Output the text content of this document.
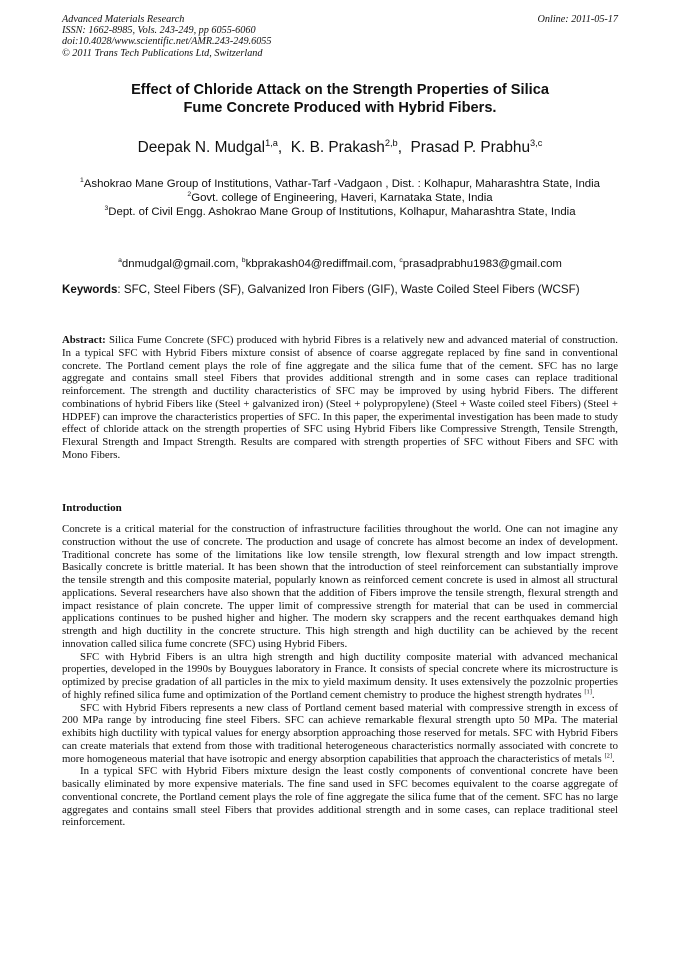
Advanced Materials Research
ISSN: 1662-8985, Vols. 243-249, pp 6055-6060
doi:10.4028/www.scientific.net/AMR.243-249.6055
© 2011 Trans Tech Publications Ltd, Switzerland
Online: 2011-05-17
Effect of Chloride Attack on the Strength Properties of Silica
Fume Concrete Produced with Hybrid Fibers.
Deepak N. Mudgal$^{1,a}$,  K. B. Prakash$^{2,b}$,  Prasad P. Prabhu$^{3,c}$
$^1$Ashokrao Mane Group of Institutions, Vathar-Tarf -Vadgaon , Dist. : Kolhapur, Maharashtra State, India
$^2$Govt. college of Engineering, Haveri, Karnataka State, India
$^3$Dept. of Civil Engg. Ashokrao Mane Group of Institutions, Kolhapur, Maharashtra State, India
$^a$dnmudgal@gmail.com, $^b$kbprakash04@rediffmail.com, $^c$prasadprabhu1983@gmail.com
Keywords: SFC, Steel Fibers (SF), Galvanized Iron Fibers (GIF), Waste Coiled Steel Fibers (WCSF)
Abstract: Silica Fume Concrete (SFC) produced with hybrid Fibres is a relatively new and advanced material of construction. In a typical SFC with Hybrid Fibers mixture consist of absence of coarse aggregate replaced by fine sand in conventional concrete. The Portland cement plays the role of fine aggregate and the silica fume that of the cement. SFC has no large aggregate and contains small steel Fibers that provides additional strength and in some cases can replace traditional reinforcement. The strength and ductility characteristics of SFC may be improved by using hybrid Fibers. The different combinations of hybrid Fibers like (Steel + galvanized iron) (Steel + polypropylene) (Steel + Waste coiled steel Fibers) (Steel + HDPEF) can improve the characteristics properties of SFC. In this paper, the experimental investigation has been made to study effect of chloride attack on the strength properties of SFC using Hybrid Fibers like Compressive Strength, Tensile Strength, Flexural Strength and Impact Strength. Results are compared with strength properties of SFC without Fibers and SFC with Mono Fibers.
Introduction

Concrete is a critical material for the construction of infrastructure facilities throughout the world. One can not imagine any construction without the use of concrete. The production and usage of concrete has almost become an index of development. Traditional concrete has some of the limitations like low tensile strength, low flexural strength and low impact strength. Basically concrete is brittle material. It has been shown that the introduction of steel reinforcement can substantially improve the tensile strength and this composite material, popularly known as reinforced cement concrete is used in almost all structural applications. Several researchers have also shown that the addition of Fibers improve the tensile strength, flexural strength and impact resistance of plain concrete. The upper limit of compressive strength for material that can be used in commercial applications continues to be pushed higher and higher. The modern sky scrappers and the recent earthquakes demand high strength and high ductility in the concrete structure. This high strength and high ductility can be achieved by the recent innovation called silica fume concrete (SFC) using Hybrid Fibers.

SFC with Hybrid Fibers is an ultra high strength and high ductility composite material with advanced mechanical properties, developed in the 1990s by Bouygues laboratory in France. It consists of special concrete where its microstructure is optimized by precise gradation of all particles in the mix to yield maximum density. It uses extensively the pozzolnic properties of highly refined silica fume and optimization of the Portland cement chemistry to produce the highest strength hydrates [1].

SFC with Hybrid Fibers represents a new class of Portland cement based material with compressive strength in excess of 200 MPa range by introducing fine steel Fibers. SFC can achieve remarkable flexural strength upto 50 MPa. The material exhibits high ductility with typical values for energy absorption approaching those reserved for metals. SFC with Hybrid Fibers can create materials that extend from those with traditional heterogeneous characteristics normally associated with concrete to more homogeneous material that have isotropic and energy absorption capabilities that approach the characteristics of metals [2].

In a typical SFC with Hybrid Fibers mixture design the least costly components of conventional concrete have been basically eliminated by more expensive materials. The fine sand used in SFC becomes equivalent to the coarse aggregate of conventional concrete, the Portland cement plays the role of fine aggregate the silica fume that of the cement. SFC has no large aggregates and contains small steel Fibers that provides additional strength and in some cases, can replace traditional steel reinforcement.
